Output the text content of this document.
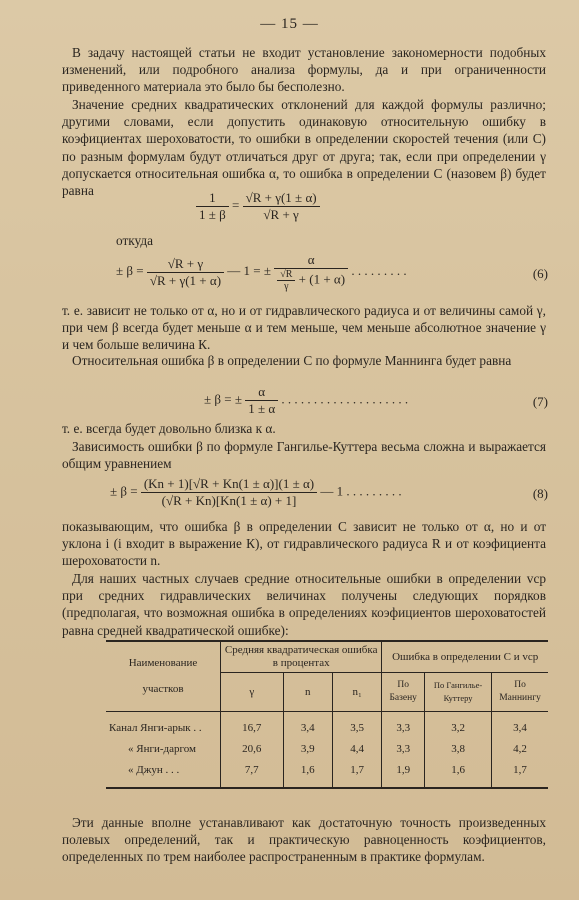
— 15 —
В задачу настоящей статьи не входит установление закономерности подобных изменений, или подробного анализа формулы, да и при ограниченности приведенного материала это было бы бесполезно.
Значение средних квадратических отклонений для каждой формулы различно; другими словами, если допустить одинаковую относительную ошибку в коэфициентах шероховатости, то ошибки в определении скоростей течения (или С) по разным формулам будут отличаться друг от друга; так, если при определении γ допускается относительная ошибка α, то ошибка в определении С (назовем β) будет равна	$\frac{1}{1 \pm \beta} = \frac{√R + \gamma(1 \pm \alpha)}{√R + \gamma}$
откуда
± $\beta = \frac{√R + \gamma}{√R + \gamma(1 + \alpha)}$ — 1 = ± $\frac{\alpha}{\frac{√R}{\gamma} + (1 + \alpha)}$ . . . . . . . . .	(6)
т. е. зависит не только от α, но и от гидравлического радиуса и от величины самой γ, при чем β всегда будет меньше α и тем меньше, чем меньше абсолютное значение γ и чем больше величина К.
Относительная ошибка β в определении С по формуле Маннинга будет равна
± β = ± $\frac{\alpha}{1 \pm \alpha}$ . . . . . . . . . . . . . . . . . . . .	(7)
т. е. всегда будет довольно близка к α.
Зависимость ошибки β по формуле Гангилье-Куттера весьма сложна и выражается общим уравнением
± $\beta = \frac{(Kn + 1)[√R + Kn(1 \pm \alpha)](1 \pm \alpha)}{(√R + Kn)[Kn(1 \pm \alpha) + 1]}$ — 1 . . . . . . . . .	(8)
показывающим, что ошибка β в определении С зависит не только от α, но и от уклона i (i входит в выражение К), от гидравлического радиуса R и от коэфициента шероховатости n.
Для наших частных случаев средние относительные ошибки в определении vср при средних гидравлических величинах получены следующих порядков (предполагая, что возможная ошибка в определениях коэфициентов шероховатостей равна средней квадратической ошибке):
Наименование

участков	Средняя квадратическая ошибка в процентах			Ошибка в определении С и vср		
	γ	n	n₁	По Базену	По Гангилье-Куттеру	По Маннингу
Канал Янги-арык . .	16,7	3,4	3,5	3,3	3,2	3,4
« Янги-даргом	20,6	3,9	4,4	3,3	3,8	4,2
« Джун . . .	7,7	1,6	1,7	1,9	1,6	1,7
Эти данные вполне устанавливают как достаточную точность произведенных полевых определений, так и практическую равноценность коэфициентов, определенных по трем наиболее распространенным в практике формулам.
